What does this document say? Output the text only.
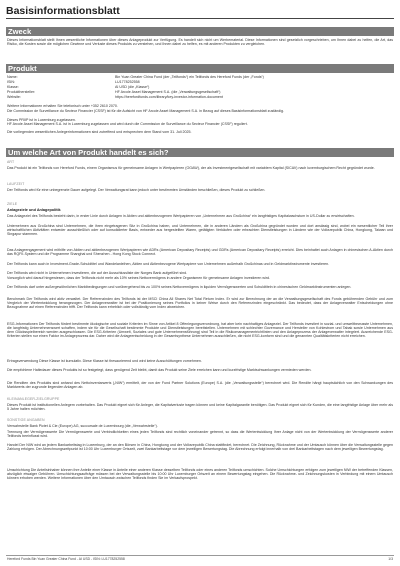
Basisinformationsblatt
Zweck
Dieses Informationsblatt stellt Ihnen wesentliche Informationen über dieses Anlageprodukt zur Verfügung. Es handelt sich nicht um Werbematerial. Diese Informationen sind gesetzlich vorgeschrieben, um Ihnen dabei zu helfen, die Art, das Risiko, die Kosten sowie die möglichen Gewinne und Verluste dieses Produkts zu verstehen, und Ihnen dabei zu helfen, es mit anderen Produkten zu vergleichen.
Produkt
Name:	Bin Yuan Greater China Fund (der „Teilfonds“) ein Teilfonds des Hereford Funds (der „Fonds“)
ISIN:	LU1778252558
Klasse:	AI USD (die „Klasse“)
Produkthersteller:	HF Arcole Asset Management S.A. (die „Verwaltungsgesellschaft“)
Website:	https://herefordfunds.com/library/key-investor-information-document
Weitere Informationen erhalten Sie telefonisch unter +352 2610 2070.
Die Commission de Surveillance du Secteur Financier (CSSF) ist für die Aufsicht von HF Arcole Asset Management S.A. in Bezug auf dieses Basisinformationsblatt zuständig.
Dieses PRIIP ist in Luxemburg zugelassen.
HF Arcole Asset Management S.A. ist in Luxemburg zugelassen und wird durch die Commission de Surveillance du Secteur Financier (CSSF) reguliert.
Die vorliegenden wesentlichen Anlegerinformationen sind zutreffend und entsprechen dem Stand vom 31. Juli 2025.
Um welche Art von Produkt handelt es sich?
ART
Das Produkt ist ein Teilfonds von Hereford Funds, einem Organismus für gemeinsame Anlagen in Wertpapieren (OGAW), der als Investmentgesellschaft mit variablem Kapital (SICAV) nach luxemburgischem Recht gegründet wurde.
LAUFZEIT
Der Teilfonds wird für eine unbegrenzte Dauer aufgelegt. Der Verwaltungsrat kann jedoch unter bestimmten Umständen beschließen, dieses Produkt zu schließen.
ZIELE
Anlageziele und Anlagepolitik
Das Anlageziel des Teilfonds besteht darin, in erster Linie durch Anlagen in Aktien und aktienbezogenen Wertpapieren von „Unternehmen aus Großchina“ ein langfristiges Kapitalwachstum in US-Dollar zu erwirtschaften.
Unternehmen aus Großchina sind Unternehmen, die ihren eingetragenen Sitz in Großchina haben, und Unternehmen, die in anderen Ländern als Großchina gegründet wurden und dort ansässig sind, wobei ein wesentlicher Teil ihrer wirtschaftlichen Aktivitäten entweder ausschließlich oder auf konsolidierter Basis, entweder aus hergestellten Waren, getätigten Verkäufen oder erbrachten Dienstleistungen in Ländern wie der Volksrepublik China, Hongkong, Taiwan und Singapur stammen.
Das Anlageengagement wird mithilfe von Aktien und aktienbezogenen Wertpapieren wie ADRs (American Depositary Receipts) und GDRs (American Depositary Receipts) erreicht. Dies beinhaltet auch Anlagen in chinesischen A-Aktien durch das RQFII-System und die Programme Shanghai und Shenzhen - Hong Kong Stock Connect.
Der Teilfonds kann auch in Investment-Grade-Schuldtitel und Wandelanleihen, Aktien und Aktienbezogene Wertpapiere von Unternehmen außerhalb Großchinas und in Geldmarktinstrumente investieren.
Der Teilfonds wird nicht in Unternehmen investieren, die auf der Ausschlussliste der Norges Bank aufgeführt sind.
Vorsorglich wird darauf hingewiesen, dass der Teilfonds nicht mehr als 10% seines Nettovermögens in andere Organismen für gemeinsame Anlagen investieren wird.
Der Teilfonds darf unter außergewöhnlichen Marktbedingungen und vorübergehend bis zu 100% seines Nettovermögens in liquiden Vermögenswerten und Schuldtiteln in chinesischen Geldmarktinstrumenten anlegen.
Benchmark Der Teilfonds wird aktiv verwaltet. Der Referenzindex des Teilfonds ist der MSCI China All Shares Net Total Return Index. Er wird zur Berechnung der an die Verwaltungsgesellschaft des Fonds gebührenden Gebühr und zum Vergleich der Wertentwicklung herangezogen. Der Anlageverwalter ist bei der Positionierung seines Portfolios in keiner Weise durch den Referenzindex eingeschränkt. Das bedeutet, dass der Anlageverwalter Entscheidungen ohne Bezugnahme auf einen Referenzindex trifft. Der Teilfonds kann erheblich oder vollständig vom Index abweichen.
ESG-Informationen Der Teilfonds fördert bestimmte ökologische und soziale Kriterien im Sinne von Artikel 8 Offenlegungsverordnung, hat aber kein nachhaltiges Anlageziel. Der Teilfonds investiert in sozial- und umweltbewusste Unternehmen, die langfristig Unternehmenswert schaffen, indem sie für die Gesellschaft bestimmte Produkte und Dienstleistungen bereitstellen. Unternehmen mit schlechter Governance und Hersteller von Kohlestrom und Tabak sowie Unternehmen aus dem Glücksspielbereich werden ausgeschlossen. Die ESG-Kriterien (Umwelt, Soziales und gute Unternehmensführung) sind Teil in die Risikomanagementrichtlinien und den Anlageprozess der Anlageverwalter integriert. Ausreichende ESG-Kriterien stellen nur einen Faktor im Anlageprozess dar. Daher wird die Anlageentscheidung in der Gesamtsynthese Unternehmen ausschließen, die nicht ESG-konform sind und die genannten Qualitätskriterien nicht erreichen.
Ertragsverwendung Diese Klasse ist kumulativ. Diese Klasse ist thesaurierend und wird keine Ausschüttungen vornehmen.
Die empfohlene Haltedauer dieses Produkts ist so festgelegt, dass genügend Zeit bleibt, damit das Produkt seine Ziele erreichen kann und kurzfristige Marktschwankungen vermieden werden.
Die Renditen des Produkts sind anhand des Nettoinventarwerts („NIW“) ermittelt, der von der Fund Partner Solutions (Europe) S.A. (die „Verwaltungsstelle“) berechnet wird. Die Rendite hängt hauptsächlich von den Schwankungen des Marktwerts der zugrunde liegenden Anlagen ab.
KLEINANLEGER-ZIELGRUPPE
Dieses Produkt ist institutionellen Anlegern vorbehalten. Das Produkt eignet sich für Anleger, die Kapitalverluste tragen können und keine Kapitalgarantie benötigen. Das Produkt eignet sich für Kunden, die eine langfristige Anlage über mehr als 5 Jahre halten möchten.
SONSTIGE ANGABEN
Verwahrstelle Bank Pictet & Cie (Europe) AG, succursale de Luxembourg (die „Verwahrstelle“).
Trennung der Vermögenswerte Die Vermögenswerte und Verbindlichkeiten eines jeden Teilfonds sind rechtlich voneinander getrennt, so dass die Wertentwicklung Ihrer Anlage nicht von der Wertentwicklung der Vermögenswerte anderer Teilfonds beeinflusst wird.
Handel Der NIW wird an jedem Bankarbeitstag in Luxemburg, der an den Börsen in China, Hongkong und der Volksrepublik China stattfindet, berechnet. Die Zeichnung, Rücknahme und der Umtausch können über die Verwaltungsstelle gegen Zahlung erfolgen. Der Abrechnungszeitpunkt ist 10:00 Uhr Luxemburger Ortszeit, zwei Bankarbeitstage vor dem jeweiligen Bewertungstag. Die Abrechnung erfolgt innerhalb von drei Bankarbeitstagen nach dem jeweiligen Bewertungstag.
Umschichtung Die Anteilsinhaber können ihre Anteile einer Klasse in Anteile einer anderen Klasse desselben Teilfonds oder eines anderen Teilfonds umschichten. Solche Umschichtungen erfolgen zum jeweiligen NIW der betreffenden Klassen, abzüglich etwaiger Gebühren. Umschichtungsaufträge müssen bei der Verwaltungsstelle bis 10:00 Uhr Luxemburger Ortszeit an einem Bewertungstag eingehen. Die Rücknahme- und Zeichnungskosten in Verbindung mit einem Umtausch können erhoben werden. Weitere Informationen über den Umtausch zwischen Teilfonds finden Sie im Verkaufsprospekt.
Hereford Funds Bin Yuan Greater China Fund - AI USD - ISIN: LU1778252558	1/3
